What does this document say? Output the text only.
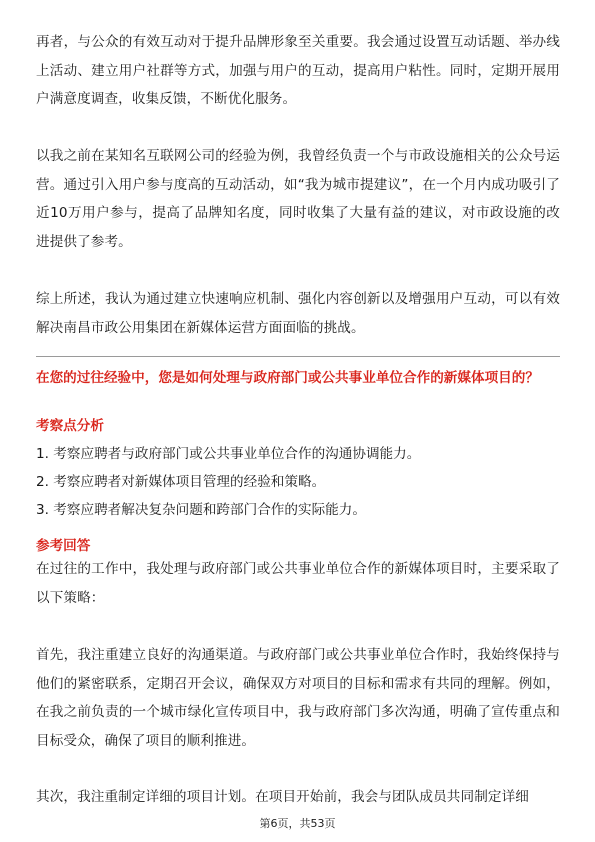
再者，与公众的有效互动对于提升品牌形象至关重要。我会通过设置互动话题、举办线上活动、建立用户社群等方式，加强与用户的互动，提高用户粘性。同时，定期开展用户满意度调查，收集反馈，不断优化服务。

以我之前在某知名互联网公司的经验为例，我曾经负责一个与市政设施相关的公众号运营。通过引入用户参与度高的互动活动，如“我为城市提建议”，在一个月内成功吸引了近10万用户参与，提高了品牌知名度，同时收集了大量有益的建议，对市政设施的改进提供了参考。

综上所述，我认为通过建立快速响应机制、强化内容创新以及增强用户互动，可以有效解决南昌市政公用集团在新媒体运营方面面临的挑战。

在您的过往经验中，您是如何处理与政府部门或公共事业单位合作的新媒体项目的？

考察点分析

1. 考察应聘者与政府部门或公共事业单位合作的沟通协调能力。

2. 考察应聘者对新媒体项目管理的经验和策略。

3. 考察应聘者解决复杂问题和跨部门合作的实际能力。

参考回答

在过往的工作中，我处理与政府部门或公共事业单位合作的新媒体项目时，主要采取了以下策略：

首先，我注重建立良好的沟通渠道。与政府部门或公共事业单位合作时，我始终保持与他们的紧密联系，定期召开会议，确保双方对项目的目标和需求有共同的理解。例如，在我之前负责的一个城市绿化宣传项目中，我与政府部门多次沟通，明确了宣传重点和目标受众，确保了项目的顺利推进。

其次，我注重制定详细的项目计划。在项目开始前，我会与团队成员共同制定详细

第6页，共53页
